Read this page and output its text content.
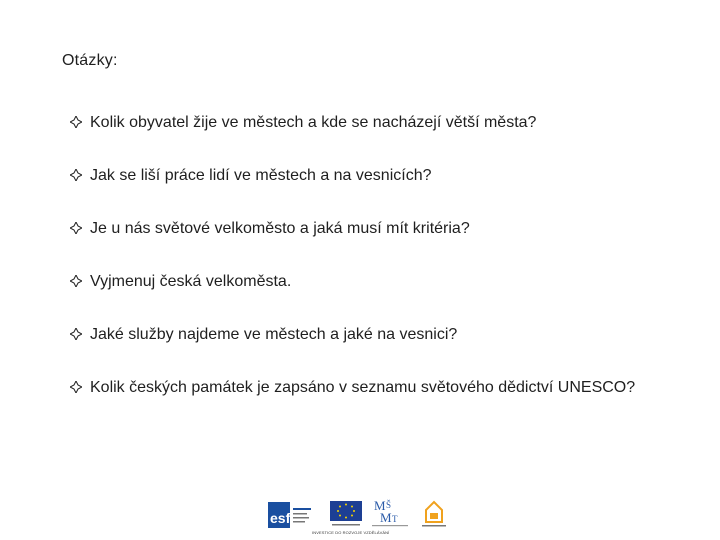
Otázky:
Kolik obyvatel žije ve městech a kde se nacházejí větší města?
Jak se liší práce lidí ve městech a na vesnicích?
Je u nás světové velkoměsto a jaká musí mít kritéria?
Vyjmenuj česká velkoměsta.
Jaké služby najdeme ve městech a jaké na vesnici?
Kolik českých památek je zapsáno v seznamu světového dědictví UNESCO?
esf
M Š
M T
INVESTICE DO ROZVOJE VZDĚLÁVÁNÍ
